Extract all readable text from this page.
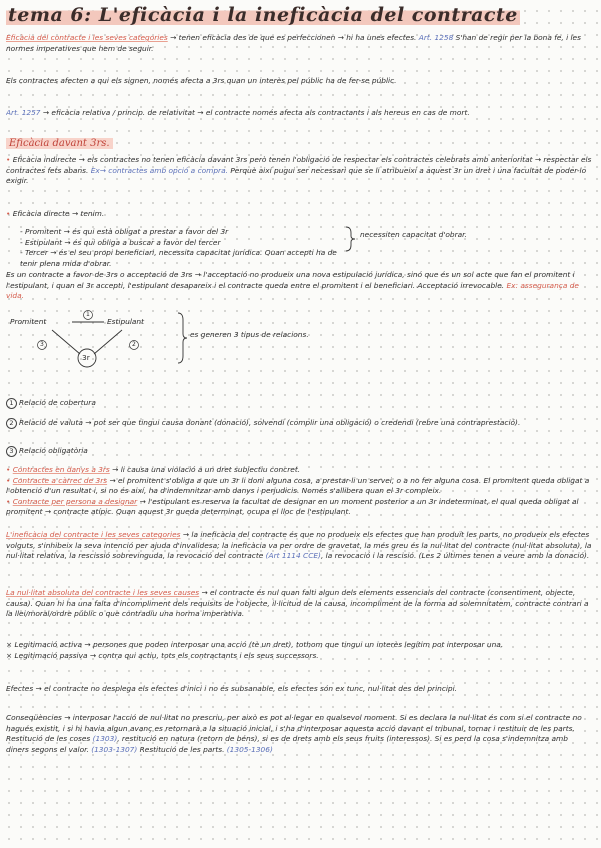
tema 6: L'eficàcia i la ineficàcia del contracte
Eficàcia del contracte i les seves categories → tenen eficàcia des de que es perfeccionen → hi ha unes efectes. Art. 1258 S'han de regir per la bona fe, i les normes imperatives que hem de seguir.
Els contractes afecten a qui els signen, només afecta a 3rs quan un interès pel públic ha de fer-se públic.
Art. 1257 → eficàcia relativa / princip. de relativitat → el contracte només afecta als contractants i als hereus en cas de mort.
Eficàcia davant 3rs.
• Eficàcia indirecte → els contractes no tenen eficàcia davant 3rs però tenen l'obligació de respectar els contractes celebrats amb anterioritat → respectar els contractes fets abans. Ex→ contractes amb opció a compra. Perquè així pugui ser necessari que se li atribueixi a aquest 3r un dret i una facultat de poder-lo exigir.
• Eficàcia directe → tenim.
- Promitent → és qui està obligat a prestar a favor del 3r
- Estipulant → és qui obliga a buscar a favor del tercer
- Tercer → és el seu propi beneficiari, necessita capacitat jurídica. Quan accepti ha de tenir plena mida d'obrar.
necessiten capacitat d'obrar.
Es un contracte a favor de 3rs o acceptació de 3rs → l'acceptació no produeix una nova estipulació jurídica, sinó que és un sol acte que fan el promitent i l'estipulant, i quan el 3r accepti, l'estipulant desapareix i el contracte queda entre el promitent i el beneficiari. Acceptació irrevocable. Ex: assegurança de vida.
Promitent	Estipulant
3r
1
2
3
es generen 3 tipus de relacions.
1 Relació de cobertura
2 Relació de valuta → pot ser que tingui causa donant (donació), solvendi (complir una obligació) o credendi (rebre una contraprestació).
3 Relació obligatòria
• Contractes en danys a 3rs → li causa una violació a un dret subjectiu concret.
• Contracte a càrrec de 3rs → el promitent s'obliga a que un 3r li doni alguna cosa, a prestar-li un servei, o a no fer alguna cosa. El promitent queda obligat a l'obtenció d'un resultat i, si no és així, ha d'indemnitzar amb danys i perjudicis. Només s'allibera quan el 3r compleix.
• Contracte per persona a designar → l'estipulant es reserva la facultat de designar en un moment posterior a un 3r indeterminat, el qual queda obligat al promitent → contracte atípic. Quan aquest 3r queda determinat, ocupa el lloc de l'estipulant.
L'ineficàcia del contracte i les seves categories → la ineficàcia del contracte és que no produeix els efectes que han produït les parts, no produeix els efectes volguts, s'inhibeix la seva intenció per ajuda d'invalidesa; la ineficàcia va per ordre de gravetat, la més greu és la nul·litat del contracte (nul·litat absoluta), la nul·litat relativa, la rescissió sobrevinguda, la revocació del contracte (Art 1114 CCE), la revocació i la rescisió. (Les 2 últimes tenen a veure amb la donació).
La nul·litat absoluta del contracte i les seves causes → el contracte és nul quan falti algun dels elements essencials del contracte (consentiment, objecte, causa). Quan hi ha una falta d'incompliment dels requisits de l'objecte, il·licitud de la causa, incompliment de la forma ad solemnitatem, contracte contrari a la llei/moral/ordre públic o que contradiu una norma imperativa.
× Legitimació activa → persones que poden interposar una acció (tè un dret), tothom que tingui un interès legítim pot interposar una.
× Legitimació passiva → contra qui actiu, tots els contractants i els seus successors.
Efectes → el contracte no desplega els efectes d'inici i no és subsanable, els efectes són ex tunc, nul·litat des del principi.
Conseqüències → interposar l'acció de nul·litat no prescriu, per això es pot al·legar en qualsevol moment. Si es declara la nul·litat és com si el contracte no hagués existit, i si hi havia algun avanç es retornarà a la situació inicial, i s'ha d'interposar aquesta acció davant el tribunal, tornar i restituir de les parts. Restitució de les coses (1303), restitució en natura (retorn de béns), si es de drets amb els seus fruits (interessos). Si es perd la cosa s'indemnitza amb diners segons el valor. (1303-1307) Restitució de les parts. (1305-1306)
